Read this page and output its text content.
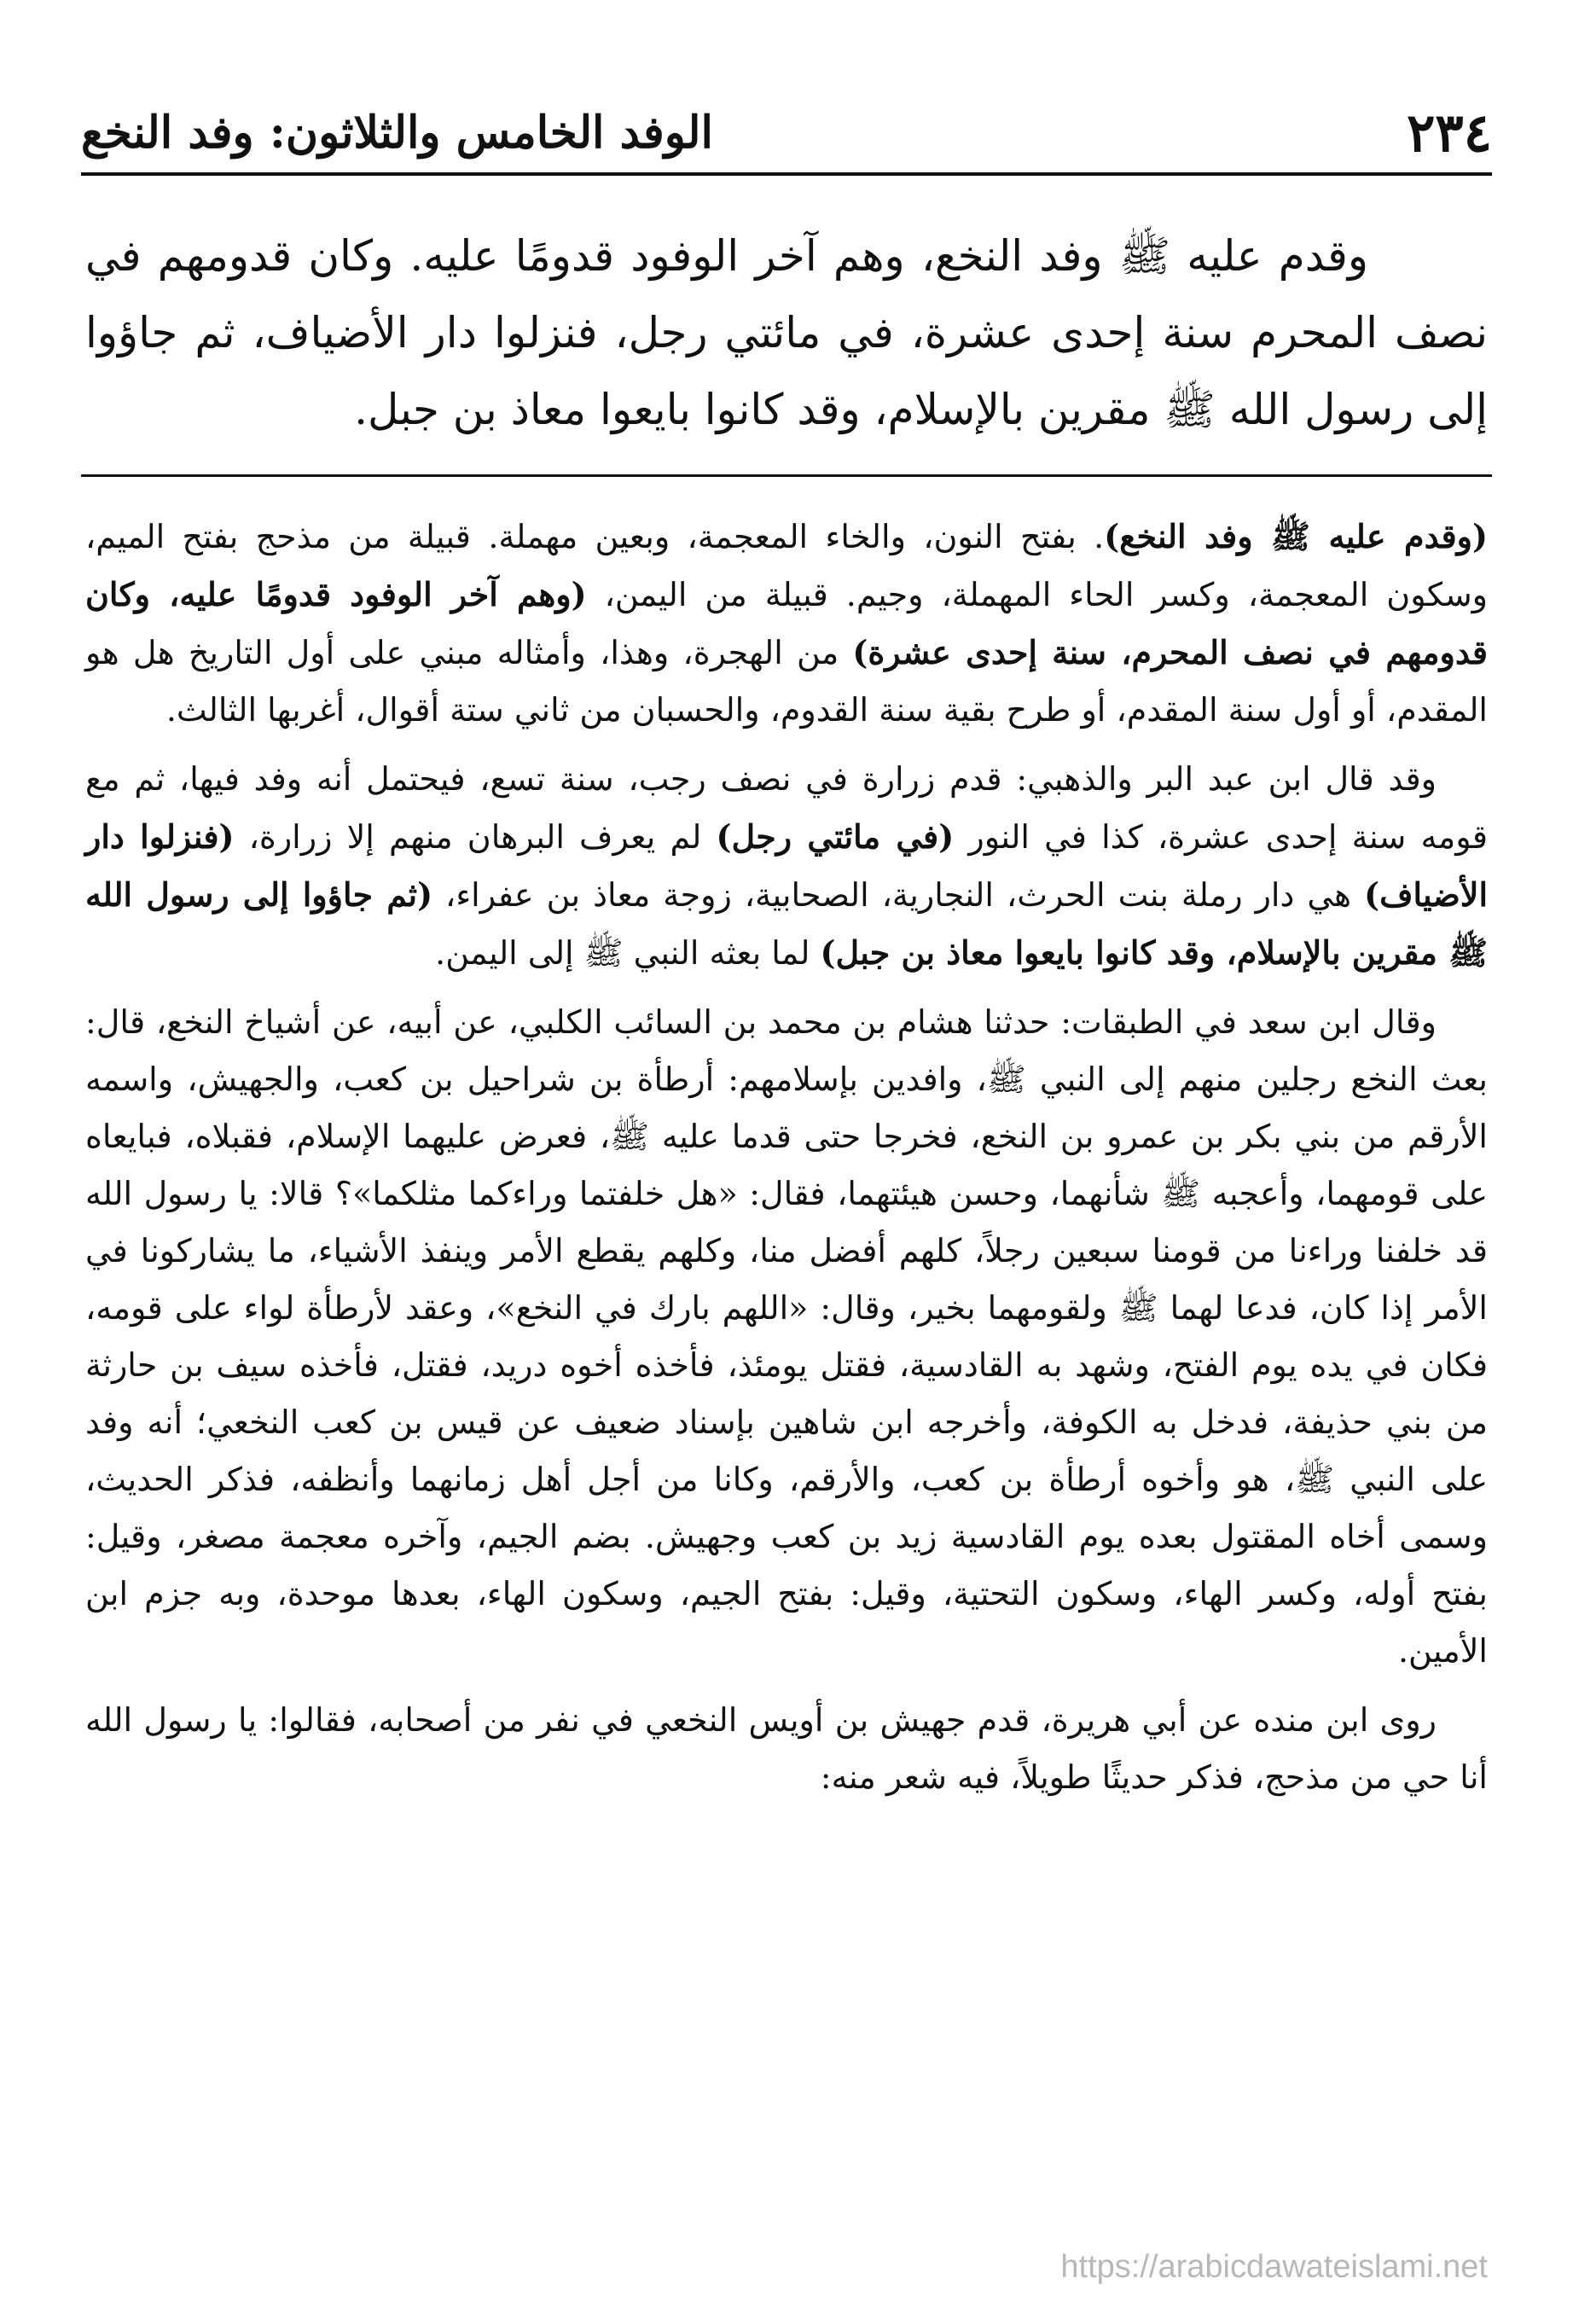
٢٣٤
الوفد الخامس والثلاثون: وفد النخع

وقدم عليه ﷺ وفد النخع، وهم آخر الوفود قدومًا عليه. وكان قدومهم في نصف المحرم سنة إحدى عشرة، في مائتي رجل، فنزلوا دار الأضياف، ثم جاؤوا إلى رسول الله ﷺ مقرين بالإسلام، وقد كانوا بايعوا معاذ بن جبل.

(وقدم عليه ﷺ وفد النخع). بفتح النون، والخاء المعجمة، وبعين مهملة. قبيلة من مذحج بفتح الميم، وسكون المعجمة، وكسر الحاء المهملة، وجيم. قبيلة من اليمن، (وهم آخر الوفود قدومًا عليه، وكان قدومهم في نصف المحرم، سنة إحدى عشرة) من الهجرة، وهذا، وأمثاله مبني على أول التاريخ هل هو المقدم، أو أول سنة المقدم، أو طرح بقية سنة القدوم، والحسبان من ثاني ستة أقوال، أغربها الثالث.

وقد قال ابن عبد البر والذهبي: قدم زرارة في نصف رجب، سنة تسع، فيحتمل أنه وفد فيها، ثم مع قومه سنة إحدى عشرة، كذا في النور (في مائتي رجل) لم يعرف البرهان منهم إلا زرارة، (فنزلوا دار الأضياف) هي دار رملة بنت الحرث، النجارية، الصحابية، زوجة معاذ بن عفراء، (ثم جاؤوا إلى رسول الله ﷺ مقرين بالإسلام، وقد كانوا بايعوا معاذ بن جبل) لما بعثه النبي ﷺ إلى اليمن.

وقال ابن سعد في الطبقات: حدثنا هشام بن محمد بن السائب الكلبي، عن أبيه، عن أشياخ النخع، قال: بعث النخع رجلين منهم إلى النبي ﷺ، وافدين بإسلامهم: أرطأة بن شراحيل بن كعب، والجهيش، واسمه الأرقم من بني بكر بن عمرو بن النخع، فخرجا حتى قدما عليه ﷺ، فعرض عليهما الإسلام، فقبلاه، فبايعاه على قومهما، وأعجبه ﷺ شأنهما، وحسن هيئتهما، فقال: «هل خلفتما وراءكما مثلكما»؟ قالا: يا رسول الله قد خلفنا وراءنا من قومنا سبعين رجلاً، كلهم أفضل منا، وكلهم يقطع الأمر وينفذ الأشياء، ما يشاركونا في الأمر إذا كان، فدعا لهما ﷺ ولقومهما بخير، وقال: «اللهم بارك في النخع»، وعقد لأرطأة لواء على قومه، فكان في يده يوم الفتح، وشهد به القادسية، فقتل يومئذ، فأخذه أخوه دريد، فقتل، فأخذه سيف بن حارثة من بني حذيفة، فدخل به الكوفة، وأخرجه ابن شاهين بإسناد ضعيف عن قيس بن كعب النخعي؛ أنه وفد على النبي ﷺ، هو وأخوه أرطأة بن كعب، والأرقم، وكانا من أجل أهل زمانهما وأنظفه، فذكر الحديث، وسمى أخاه المقتول بعده يوم القادسية زيد بن كعب وجهيش. بضم الجيم، وآخره معجمة مصغر، وقيل: بفتح أوله، وكسر الهاء، وسكون التحتية، وقيل: بفتح الجيم، وسكون الهاء، بعدها موحدة، وبه جزم ابن الأمين.

روى ابن منده عن أبي هريرة، قدم جهيش بن أويس النخعي في نفر من أصحابه، فقالوا: يا رسول الله أنا حي من مذحج، فذكر حديثًا طويلاً، فيه شعر منه:

https://arabicdawateislami.net
